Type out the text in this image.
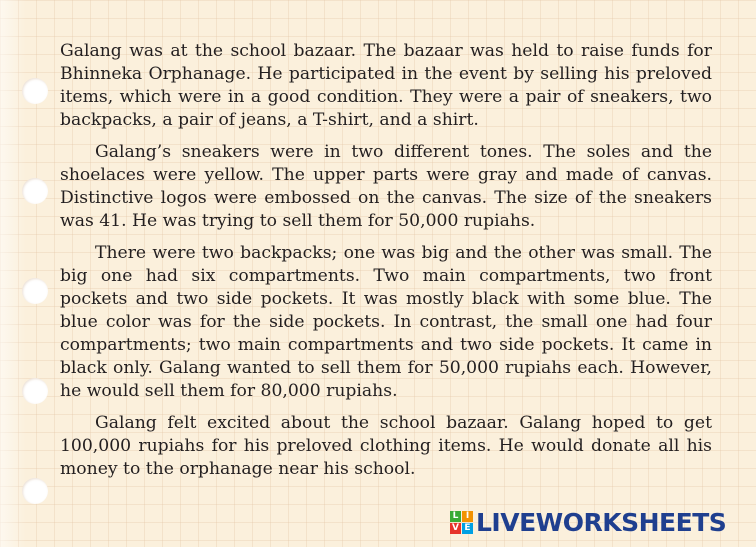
Galang was at the school bazaar. The bazaar was held to raise funds for Bhinneka Orphanage. He participated in the event by selling his preloved items, which were in a good condition. They were a pair of sneakers, two backpacks, a pair of jeans, a T-shirt, and a shirt.

Galang’s sneakers were in two different tones. The soles and the shoelaces were yellow. The upper parts were gray and made of canvas. Distinctive logos were embossed on the canvas. The size of the sneakers was 41. He was trying to sell them for 50,000 rupiahs.

There were two backpacks; one was big and the other was small. The big one had six compartments. Two main compartments, two front pockets and two side pockets. It was mostly black with some blue. The blue color was for the side pockets. In contrast, the small one had four compartments; two main compartments and two side pockets. It came in black only. Galang wanted to sell them for 50,000 rupiahs each. However, he would sell them for 80,000 rupiahs.

Galang felt excited about the school bazaar. Galang hoped to get 100,000 rupiahs for his preloved clothing items. He would donate all his money to the orphanage near his school.

L I
V E LIVEWORKSHEETS
